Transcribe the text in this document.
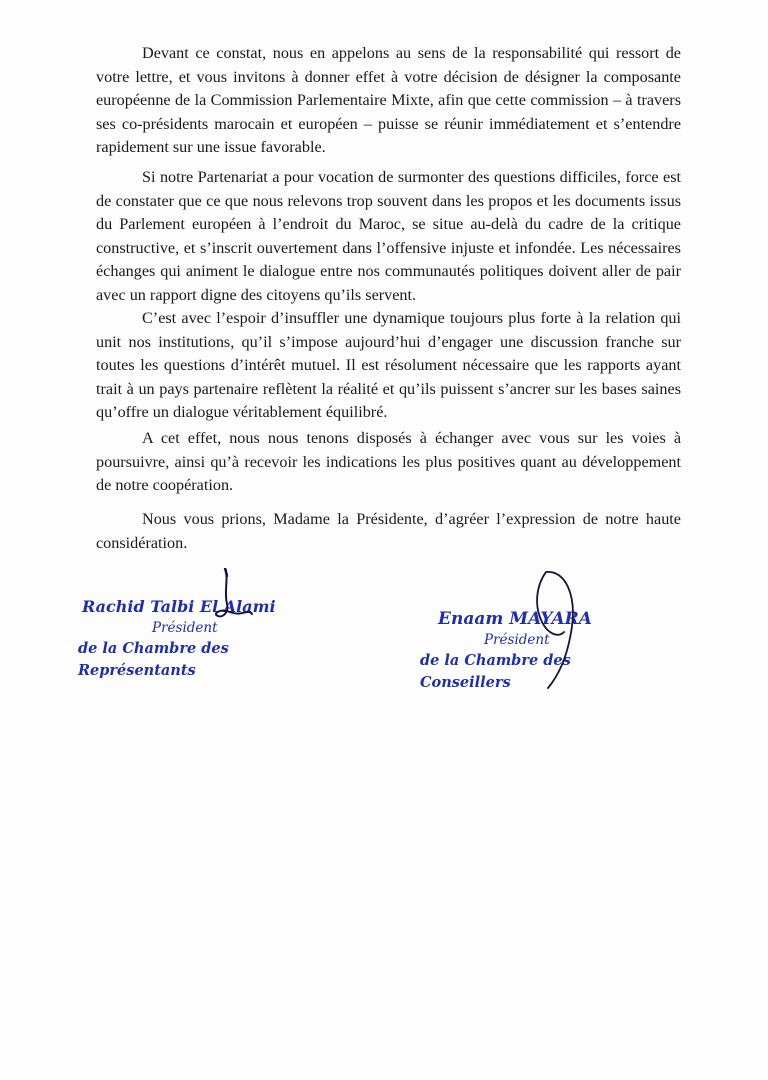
Devant ce constat, nous en appelons au sens de la responsabilité qui ressort de votre lettre, et vous invitons à donner effet à votre décision de désigner la composante européenne de la Commission Parlementaire Mixte, afin que cette commission – à travers ses co-présidents marocain et européen – puisse se réunir immédiatement et s’entendre rapidement sur une issue favorable.

Si notre Partenariat a pour vocation de surmonter des questions difficiles, force est de constater que ce que nous relevons trop souvent dans les propos et les documents issus du Parlement européen à l’endroit du Maroc, se situe au-delà du cadre de la critique constructive, et s’inscrit ouvertement dans l’offensive injuste et infondée. Les nécessaires échanges qui animent le dialogue entre nos communautés politiques doivent aller de pair avec un rapport digne des citoyens qu’ils servent.

C’est avec l’espoir d’insuffler une dynamique toujours plus forte à la relation qui unit nos institutions, qu’il s’impose aujourd’hui d’engager une discussion franche sur toutes les questions d’intérêt mutuel. Il est résolument nécessaire que les rapports ayant trait à un pays partenaire reflètent la réalité et qu’ils puissent s’ancrer sur les bases saines qu’offre un dialogue véritablement équilibré.

A cet effet, nous nous tenons disposés à échanger avec vous sur les voies à poursuivre, ainsi qu’à recevoir les indications les plus positives quant au développement de notre coopération.

Nous vous prions, Madame la Présidente, d’agréer l’expression de notre haute considération.

Rachid Talbi El Alami
Président
de la Chambre des Représentants
Enaam MAYARA
Président
de la Chambre des Conseillers
